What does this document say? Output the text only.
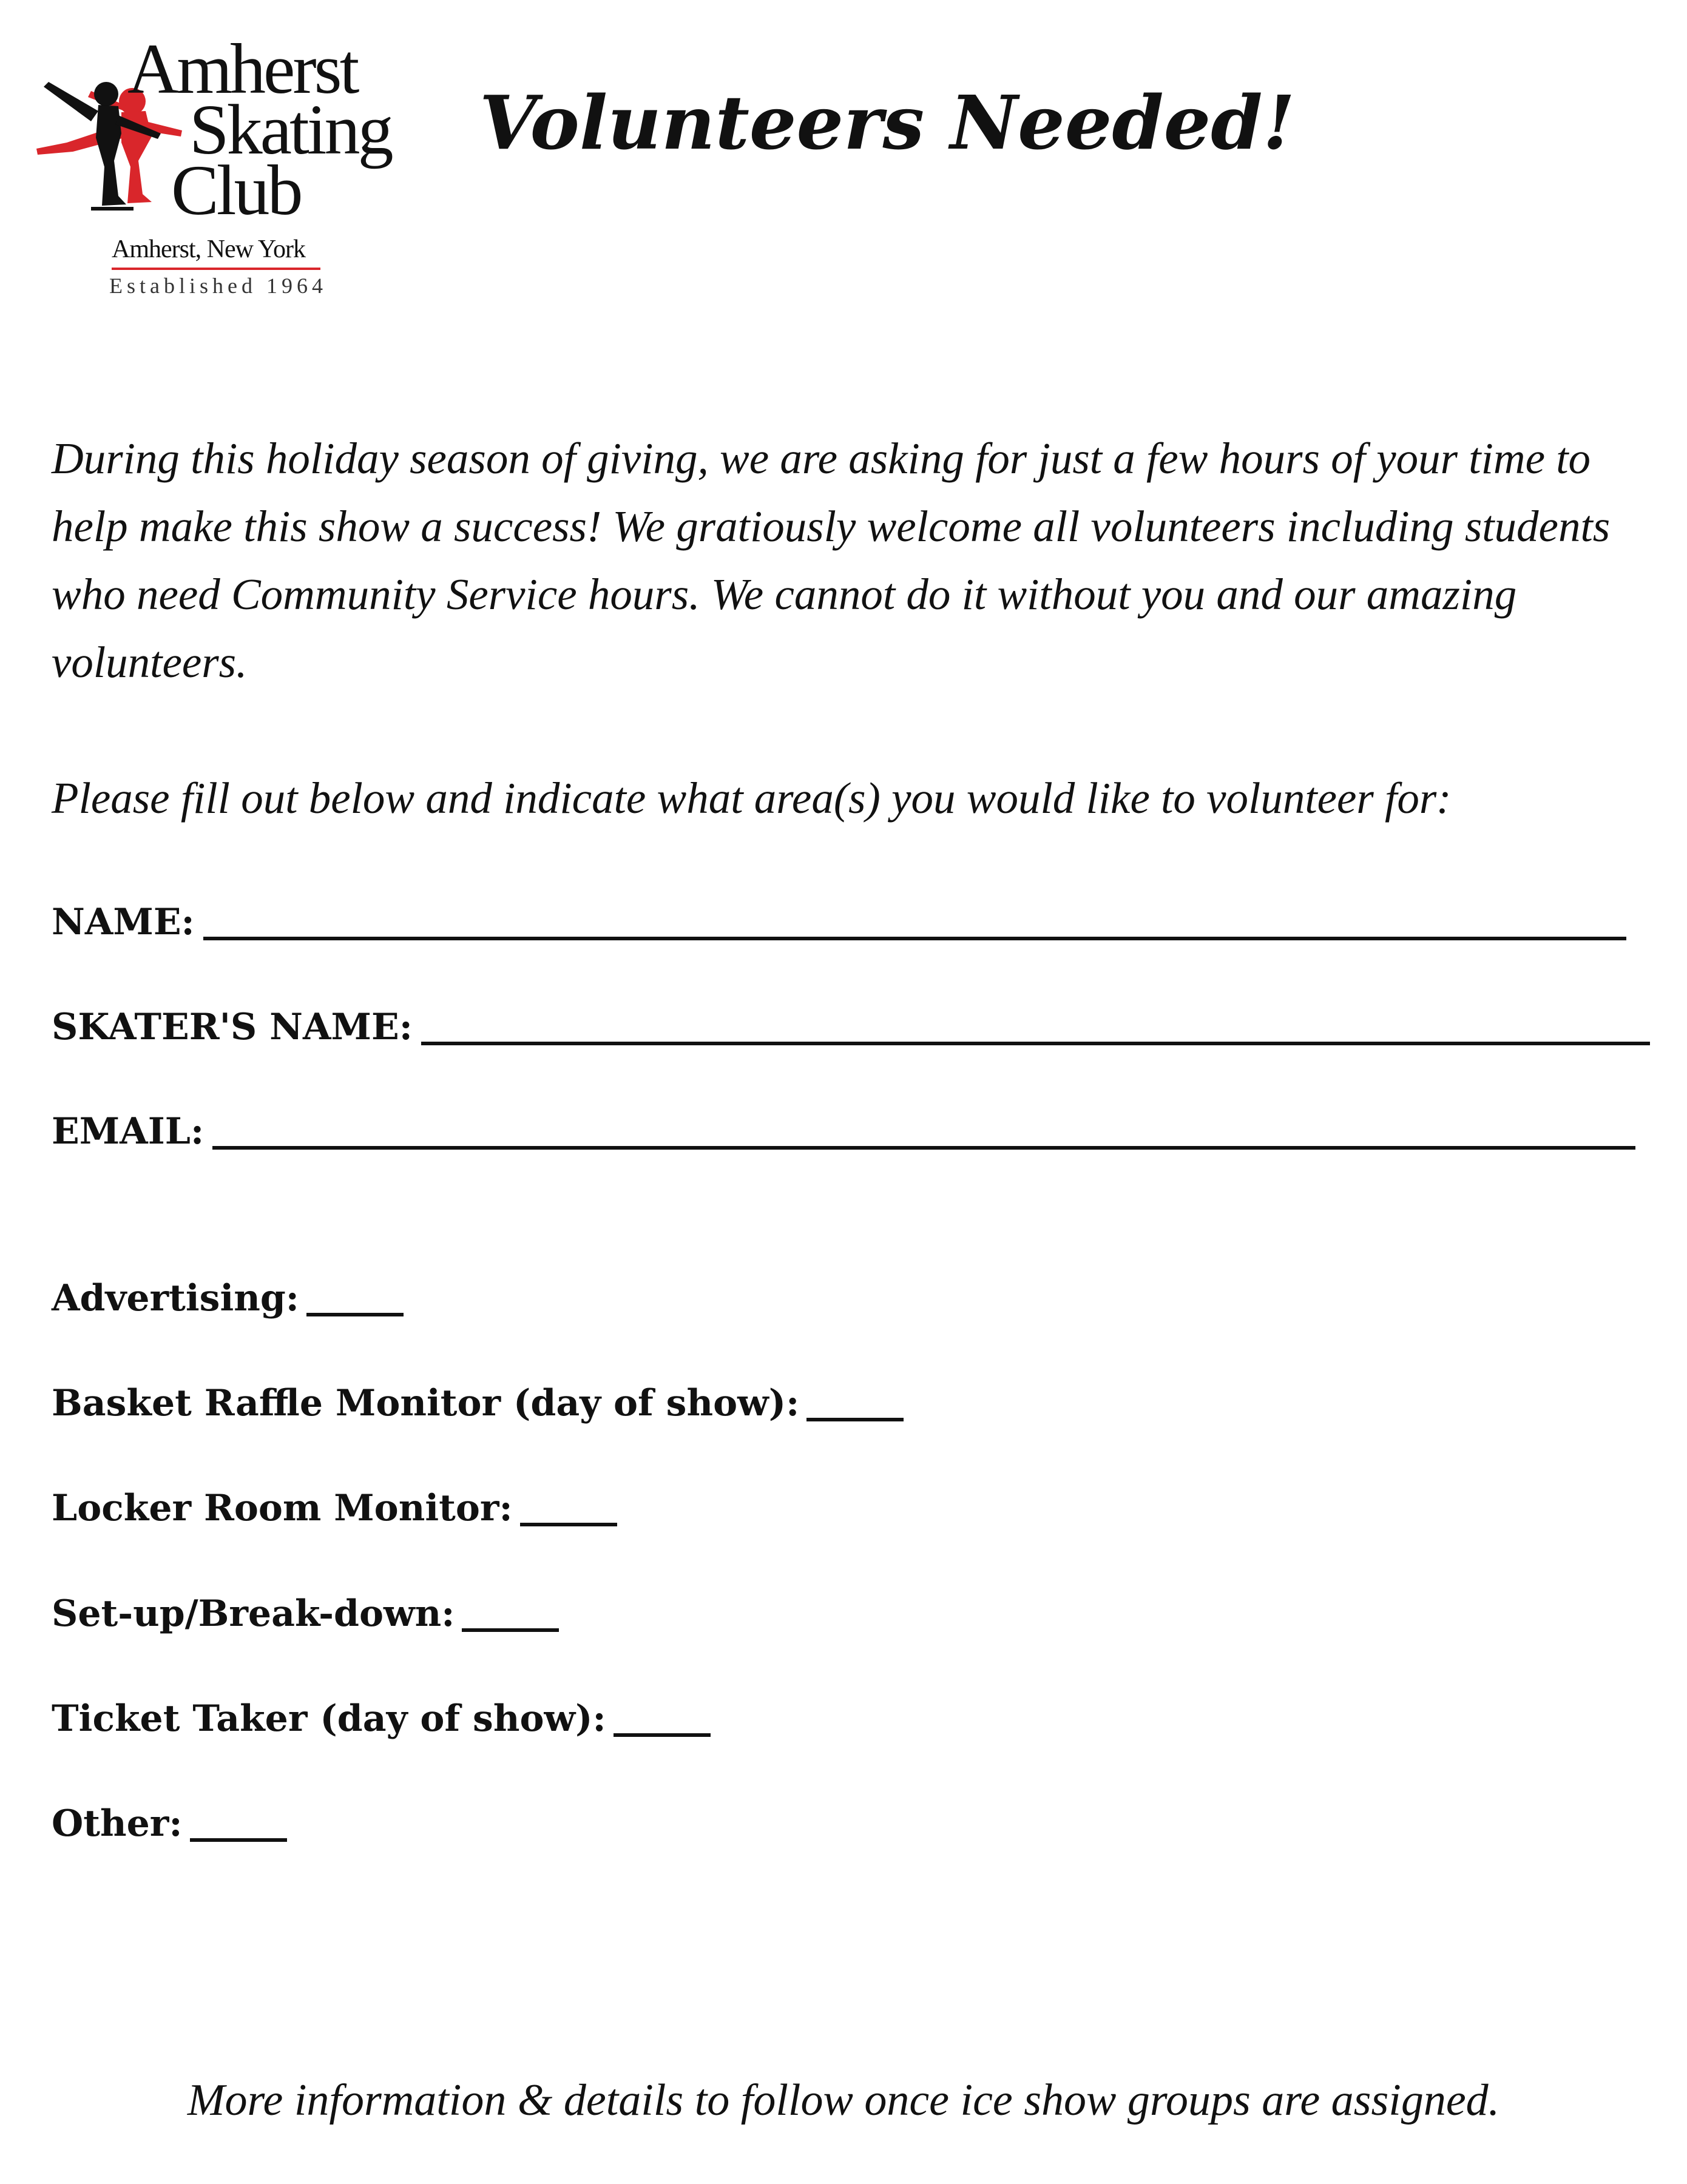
Amherst
Skating
Club
Amherst, New York
Established 1964
Volunteers Needed!

During this holiday season of giving, we are asking for just a few hours of your time to help make this show a success! We gratiously welcome all volunteers including students who need Community Service hours. We cannot do it without you and our amazing volunteers.

Please fill out below and indicate what area(s) you would like to volunteer for:

NAME:
SKATER'S NAME:
EMAIL:
Advertising:
Basket Raffle Monitor (day of show):
Locker Room Monitor:
Set-up/Break-down:
Ticket Taker (day of show):
Other:
More information & details to follow once ice show groups are assigned.
